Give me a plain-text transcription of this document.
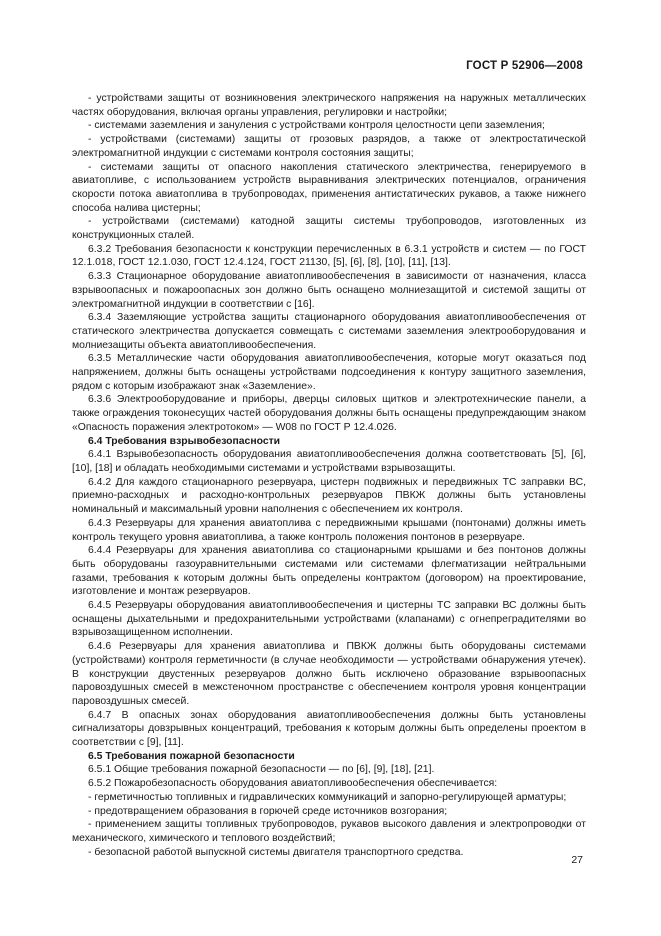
ГОСТ Р 52906—2008

- устройствами защиты от возникновения электрического напряжения на наружных металлических частях оборудования, включая органы управления, регулировки и настройки;

- системами заземления и зануления с устройствами контроля целостности цепи заземления;

- устройствами (системами) защиты от грозовых разрядов, а также от электростатической электромагнитной индукции с системами контроля состояния защиты;

- системами защиты от опасного накопления статического электричества, генерируемого в авиатопливе, с использованием устройств выравнивания электрических потенциалов, ограничения скорости потока авиатоплива в трубопроводах, применения антистатических рукавов, а также нижнего способа налива цистерны;

- устройствами (системами) катодной защиты системы трубопроводов, изготовленных из конструкционных сталей.

6.3.2 Требования безопасности к конструкции перечисленных в 6.3.1 устройств и систем — по ГОСТ 12.1.018, ГОСТ 12.1.030, ГОСТ 12.4.124, ГОСТ 21130, [5], [6], [8], [10], [11], [13].

6.3.3 Стационарное оборудование авиатопливообеспечения в зависимости от назначения, класса взрывоопасных и пожароопасных зон должно быть оснащено молниезащитой и системой защиты от электромагнитной индукции в соответствии с [16].

6.3.4 Заземляющие устройства защиты стационарного оборудования авиатопливообеспечения от статического электричества допускается совмещать с системами заземления электрооборудования и молниезащиты объекта авиатопливообеспечения.

6.3.5 Металлические части оборудования авиатопливообеспечения, которые могут оказаться под напряжением, должны быть оснащены устройствами подсоединения к контуру защитного заземления, рядом с которым изображают знак «Заземление».

6.3.6 Электрооборудование и приборы, дверцы силовых щитков и электротехнические панели, а также ограждения токонесущих частей оборудования должны быть оснащены предупреждающим знаком «Опасность поражения электротоком» — W08 по ГОСТ Р 12.4.026.

6.4 Требования взрывобезопасности

6.4.1 Взрывобезопасность оборудования авиатопливообеспечения должна соответствовать [5], [6], [10], [18] и обладать необходимыми системами и устройствами взрывозащиты.

6.4.2 Для каждого стационарного резервуара, цистерн подвижных и передвижных ТС заправки ВС, приемно-расходных и расходно-контрольных резервуаров ПВКЖ должны быть установлены номинальный и максимальный уровни наполнения с обеспечением их контроля.

6.4.3 Резервуары для хранения авиатоплива с передвижными крышами (понтонами) должны иметь контроль текущего уровня авиатоплива, а также контроль положения понтонов в резервуаре.

6.4.4 Резервуары для хранения авиатоплива со стационарными крышами и без понтонов должны быть оборудованы газоуравнительными системами или системами флегматизации нейтральными газами, требования к которым должны быть определены контрактом (договором) на проектирование, изготовление и монтаж резервуаров.

6.4.5 Резервуары оборудования авиатопливообеспечения и цистерны ТС заправки ВС должны быть оснащены дыхательными и предохранительными устройствами (клапанами) с огнепреградителями во взрывозащищенном исполнении.

6.4.6 Резервуары для хранения авиатоплива и ПВКЖ должны быть оборудованы системами (устройствами) контроля герметичности (в случае необходимости — устройствами обнаружения утечек). В конструкции двустенных резервуаров должно быть исключено образование взрывоопасных паровоздушных смесей в межстеночном пространстве с обеспечением контроля уровня концентрации паровоздушных смесей.

6.4.7 В опасных зонах оборудования авиатопливообеспечения должны быть установлены сигнализаторы довзрывных концентраций, требования к которым должны быть определены проектом в соответствии с [9], [11].

6.5 Требования пожарной безопасности

6.5.1 Общие требования пожарной безопасности — по [6], [9], [18], [21].

6.5.2 Пожаробезопасность оборудования авиатопливообеспечения обеспечивается:

- герметичностью топливных и гидравлических коммуникаций и запорно-регулирующей арматуры;

- предотвращением образования в горючей среде источников возгорания;

- применением защиты топливных трубопроводов, рукавов высокого давления и электропроводки от механического, химического и теплового воздействий;

- безопасной работой выпускной системы двигателя транспортного средства.

27
